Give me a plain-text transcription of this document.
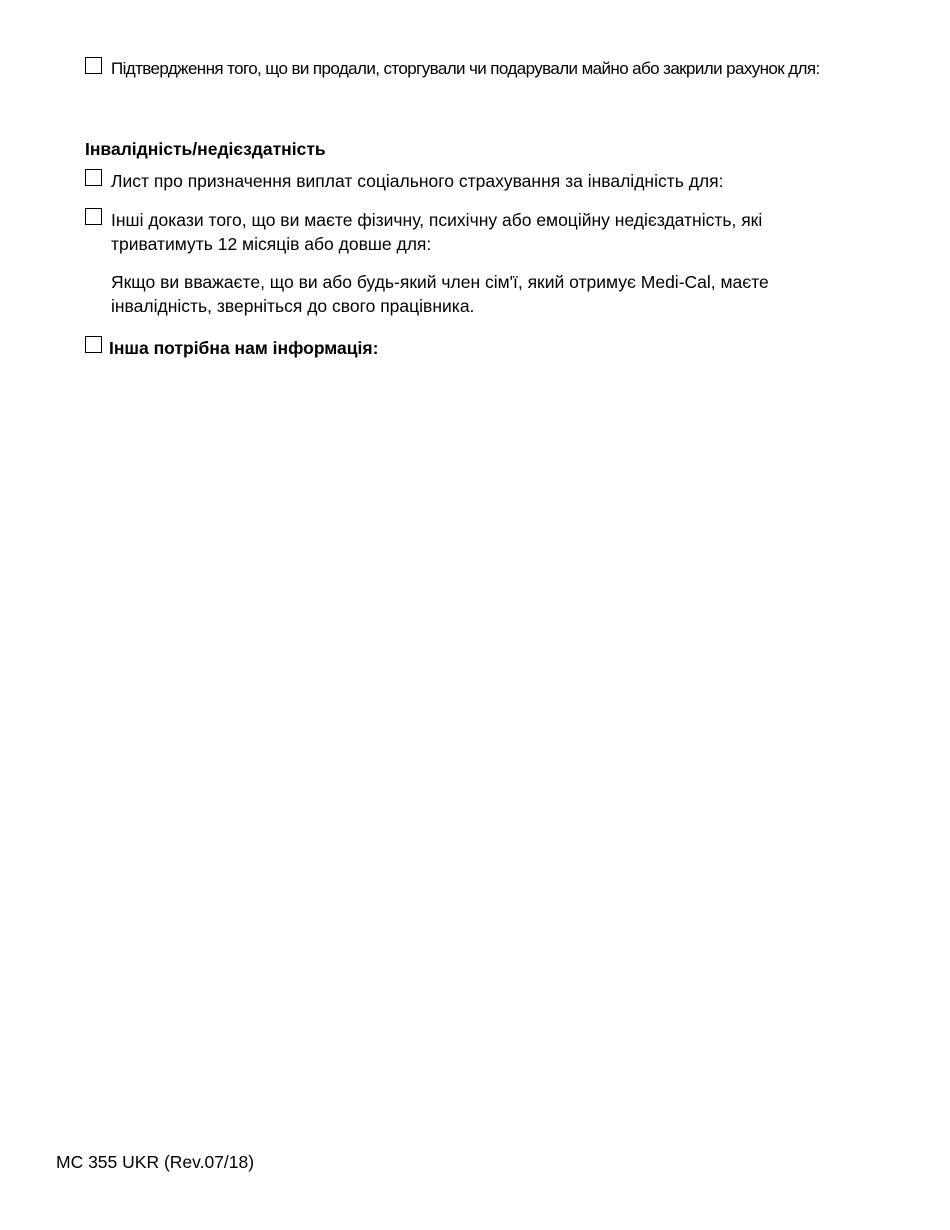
Підтвердження того, що ви продали, сторгували чи подарували майно або закрили рахунок для:
Інвалідність/недієздатність
Лист про призначення виплат соціального страхування за інвалідність для:
Інші докази того, що ви маєте фізичну, психічну або емоційну недієздатність, які триватимуть 12 місяців або довше для:
Якщо ви вважаєте, що ви або будь-який член сім'ї, який отримує Medi-Cal, маєте інвалідність, зверніться до свого працівника.
Інша потрібна нам інформація:
MC 355 UKR (Rev.07/18)
